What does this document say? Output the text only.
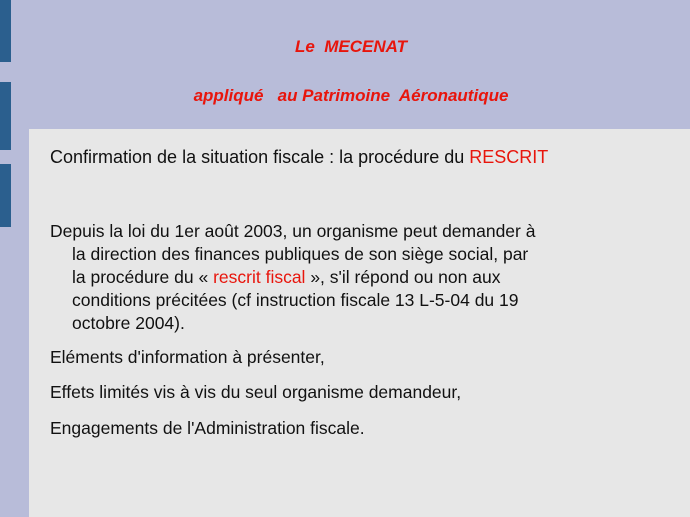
Le  MECENAT
appliqué   au Patrimoine  Aéronautique
Confirmation de la situation fiscale : la procédure du RESCRIT
Depuis la loi du 1er août 2003, un organisme peut demander à
la direction des finances publiques de son siège social, par
la procédure du « rescrit fiscal », s'il répond ou non aux
conditions précitées (cf instruction fiscale 13 L-5-04 du 19
octobre 2004).
Eléments d'information à présenter,
Effets limités vis à vis du seul organisme demandeur,
Engagements de l'Administration fiscale.
